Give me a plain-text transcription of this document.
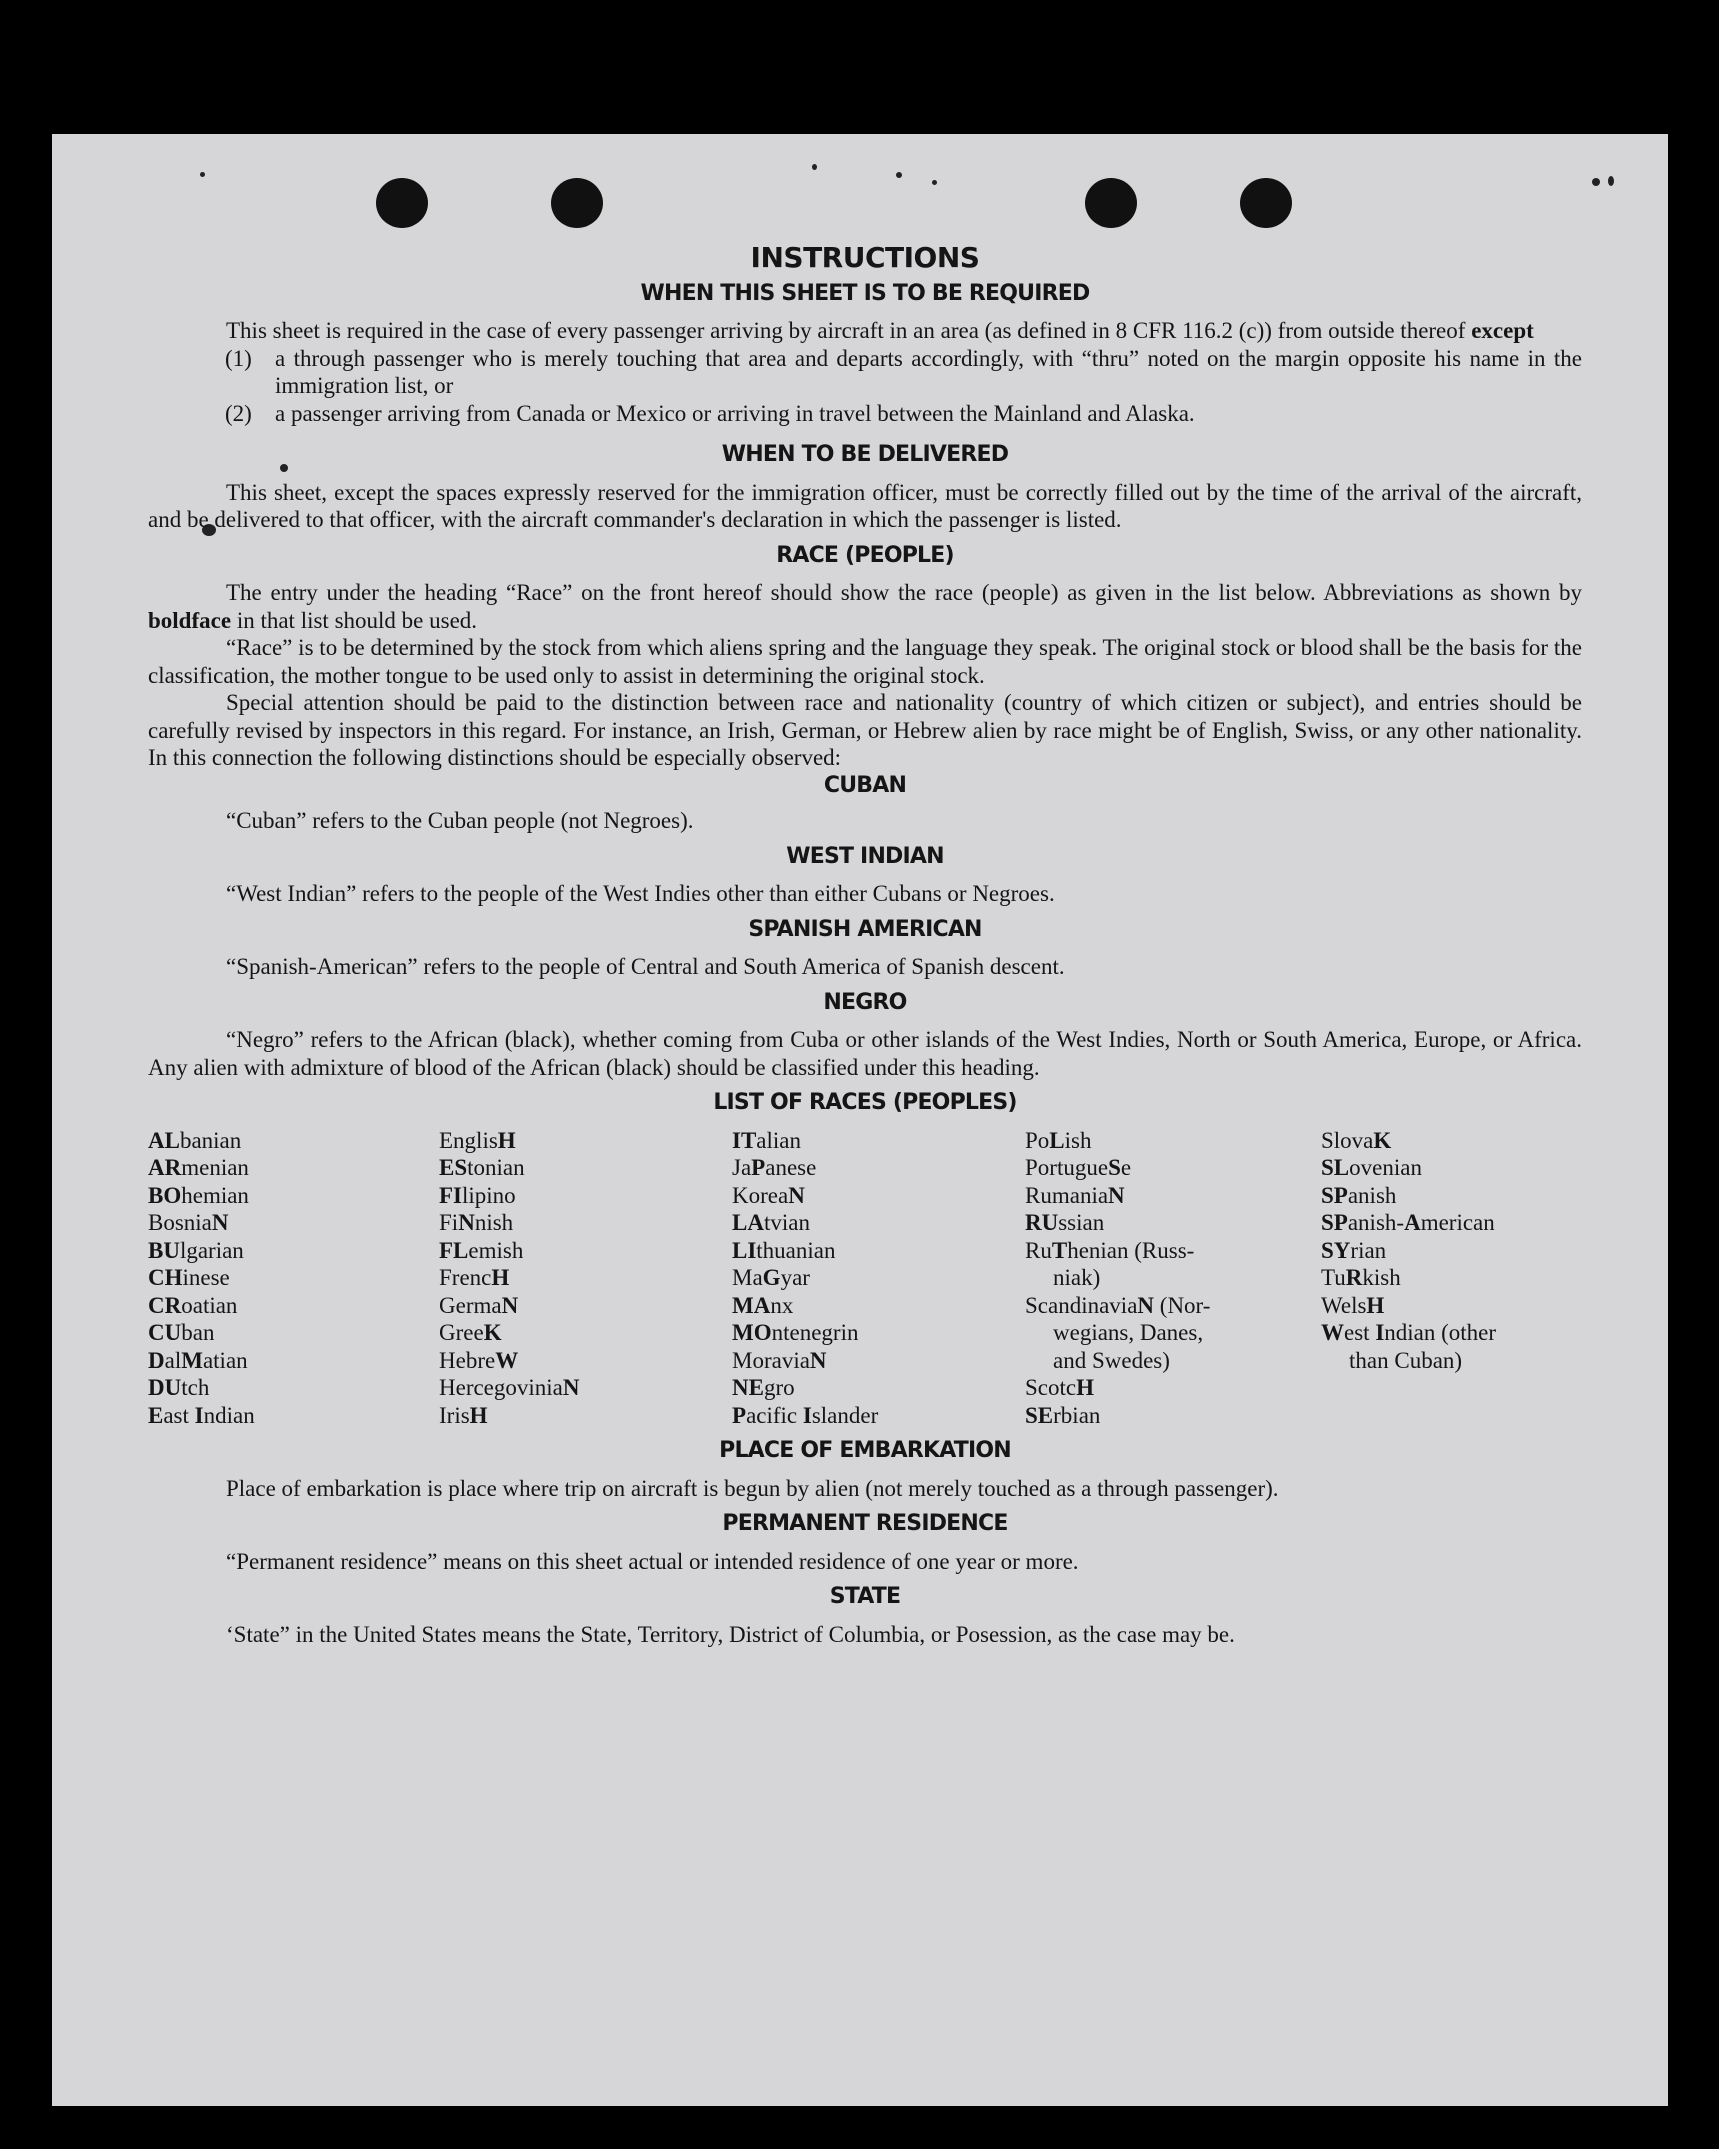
INSTRUCTIONS
WHEN THIS SHEET IS TO BE REQUIRED

This sheet is required in the case of every passenger arriving by aircraft in an area (as defined in 8 CFR 116.2 (c)) from outside thereof except

(1) a through passenger who is merely touching that area and departs accordingly, with “thru” noted on the margin opposite his name in the immigration list, or

(2) a passenger arriving from Canada or Mexico or arriving in travel between the Mainland and Alaska.

WHEN TO BE DELIVERED

This sheet, except the spaces expressly reserved for the immigration officer, must be correctly filled out by the time of the arrival of the aircraft, and be delivered to that officer, with the aircraft commander's declaration in which the passenger is listed.

RACE (PEOPLE)

The entry under the heading “Race” on the front hereof should show the race (people) as given in the list below. Abbreviations as shown by boldface in that list should be used.

“Race” is to be determined by the stock from which aliens spring and the language they speak. The original stock or blood shall be the basis for the classification, the mother tongue to be used only to assist in determining the original stock.

Special attention should be paid to the distinction between race and nationality (country of which citizen or subject), and entries should be carefully revised by inspectors in this regard. For instance, an Irish, German, or Hebrew alien by race might be of English, Swiss, or any other nationality. In this connection the following distinctions should be especially observed:

CUBAN

“Cuban” refers to the Cuban people (not Negroes).

WEST INDIAN

“West Indian” refers to the people of the West Indies other than either Cubans or Negroes.

SPANISH AMERICAN

“Spanish-American” refers to the people of Central and South America of Spanish descent.

NEGRO

“Negro” refers to the African (black), whether coming from Cuba or other islands of the West Indies, North or South America, Europe, or Africa. Any alien with admixture of blood of the African (black) should be classified under this heading.

LIST OF RACES (PEOPLES)
ALbanian
ARmenian
BOhemian
BosniaN
BUlgarian
CHinese
CRoatian
CUban
DalMatian
DUtch
East Indian
EnglisH
EStonian
FIlipino
FiNnish
FLemish
FrencH
GermaN
GreeK
HebreW
HercegoviniaN
IrisH
ITalian
JaPanese
KoreaN
LAtvian
LIthuanian
MaGyar
MAnx
MOntenegrin
MoraviaN
NEgro
Pacific Islander
PoLish
PortugueSe
RumaniaN
RUssian
RuThenian (Russ-
niak)
ScandinaviaN (Nor-
wegians, Danes,
and Swedes)
ScotcH
SErbian
SlovaK
SLovenian
SPanish
SPanish-American
SYrian
TuRkish
WelsH
West Indian (other
than Cuban)
PLACE OF EMBARKATION

Place of embarkation is place where trip on aircraft is begun by alien (not merely touched as a through passenger).

PERMANENT RESIDENCE

“Permanent residence” means on this sheet actual or intended residence of one year or more.

STATE

‘State” in the United States means the State, Territory, District of Columbia, or Posession, as the case may be.
